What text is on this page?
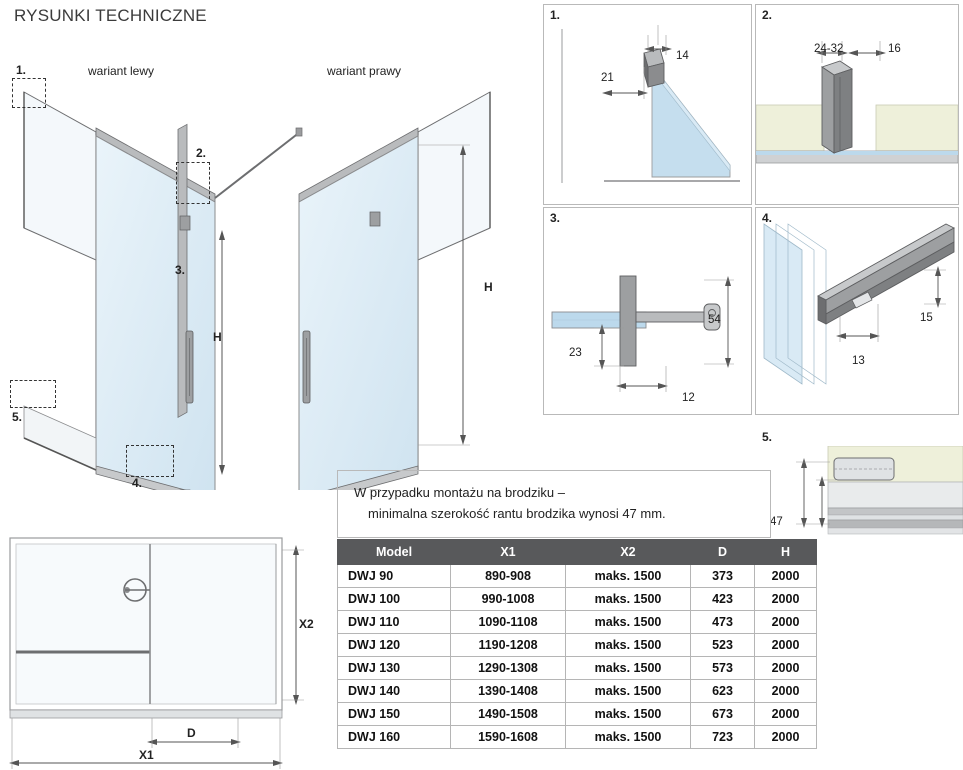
RYSUNKI TECHNICZNE
wariant lewy	wariant prawy
1.
2.
3.
4.
5.
H
H
X2
D
X1
1.
21
14
2.
24-32	16
3.
23
12
54
4.
13
15
5.
47
W przypadku montażu na brodziku –
minimalna szerokość rantu brodzika wynosi 47 mm.
Model	X1	X2	D	H
DWJ 90	890-908	maks. 1500	373	2000
DWJ 100	990-1008	maks. 1500	423	2000
DWJ 110	1090-1108	maks. 1500	473	2000
DWJ 120	1190-1208	maks. 1500	523	2000
DWJ 130	1290-1308	maks. 1500	573	2000
DWJ 140	1390-1408	maks. 1500	623	2000
DWJ 150	1490-1508	maks. 1500	673	2000
DWJ 160	1590-1608	maks. 1500	723	2000
